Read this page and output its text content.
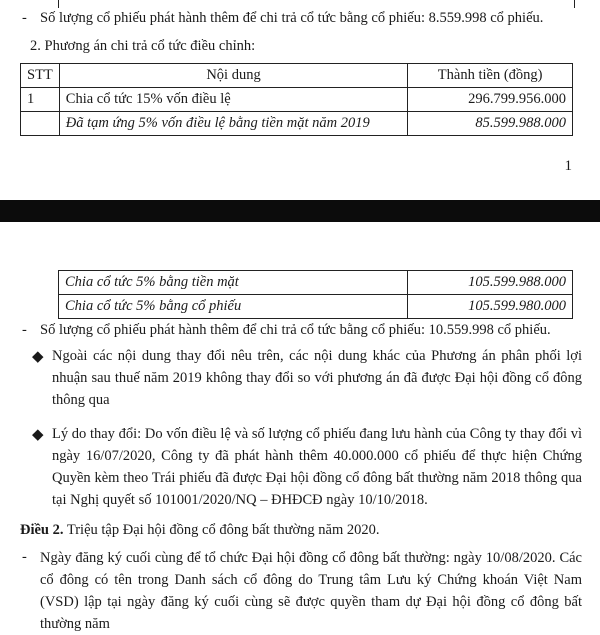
- Số lượng cổ phiếu phát hành thêm để chi trả cổ tức bằng cổ phiếu: 8.559.998 cổ phiếu.
2. Phương án chi trả cổ tức điều chỉnh:
STT	Nội dung	Thành tiền (đồng)
1	Chia cổ tức 15% vốn điều lệ	296.799.956.000
	Đã tạm ứng 5% vốn điều lệ bằng tiền mặt năm 2019	85.599.988.000
1
Chia cổ tức 5% bằng tiền mặt	105.599.988.000
Chia cổ tức 5% bằng cổ phiếu	105.599.980.000
- Số lượng cổ phiếu phát hành thêm để chi trả cổ tức bằng cổ phiếu: 10.559.998 cổ phiếu.
◆ Ngoài các nội dung thay đổi nêu trên, các nội dung khác của Phương án phân phối lợi nhuận sau thuế năm 2019 không thay đổi so với phương án đã được Đại hội đồng cổ đông thông qua
◆ Lý do thay đổi: Do vốn điều lệ và số lượng cổ phiếu đang lưu hành của Công ty thay đổi vì ngày 16/07/2020, Công ty đã phát hành thêm 40.000.000 cổ phiếu để thực hiện Chứng Quyền kèm theo Trái phiếu đã được Đại hội đồng cổ đông bất thường năm 2018 thông qua tại Nghị quyết số 101001/2020/NQ – ĐHĐCĐ ngày 10/10/2018.
Điều 2. Triệu tập Đại hội đồng cổ đông bất thường năm 2020.
- Ngày đăng ký cuối cùng để tổ chức Đại hội đồng cổ đông bất thường: ngày 10/08/2020. Các cổ đông có tên trong Danh sách cổ đông do Trung tâm Lưu ký Chứng khoán Việt Nam (VSD) lập tại ngày đăng ký cuối cùng sẽ được quyền tham dự Đại hội đồng cổ đông bất thường năm
